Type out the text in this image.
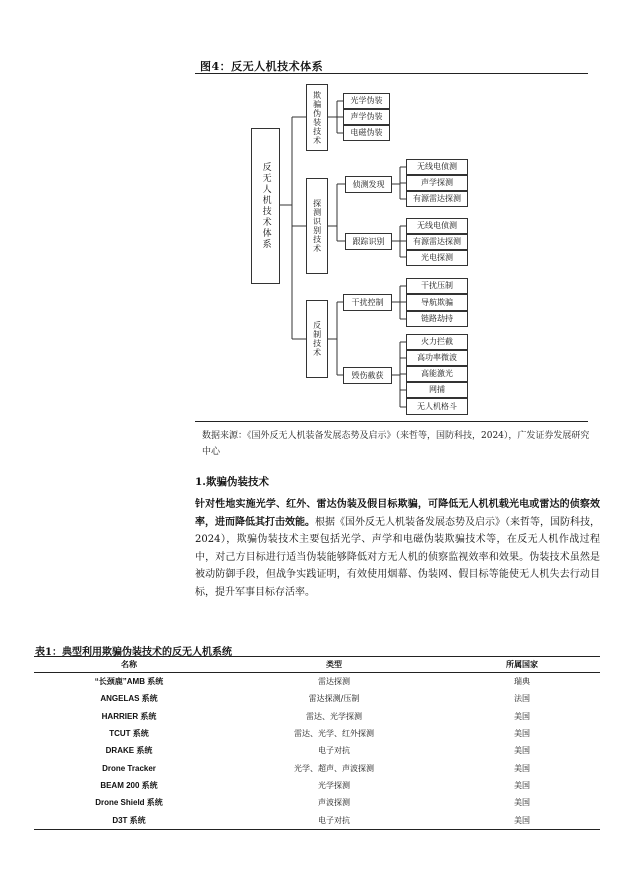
图4：反无人机技术体系
反无人机技术体系
欺骗伪装技术
探测识别技术
反制技术
光学伪装
声学伪装
电磁伪装
侦测发现
跟踪识别
无线电侦测
声学探测
有源雷达探测
无线电侦测
有源雷达探测
光电探测
干扰控制
毁伤截获
干扰压制
导航欺骗
链路劫持
火力拦截
高功率微波
高能激光
网捕
无人机格斗
数据来源：《国外反无人机装备发展态势及启示》（来哲等，国防科技，2024），广发证券发展研究中心
1.欺骗伪装技术
针对性地实施光学、红外、雷达伪装及假目标欺骗，可降低无人机机载光电或雷达的侦察效率，进而降低其打击效能。根据《国外反无人机装备发展态势及启示》（来哲等，国防科技，2024），欺骗伪装技术主要包括光学、声学和电磁伪装欺骗技术等，在反无人机作战过程中，对己方目标进行适当伪装能够降低对方无人机的侦察监视效率和效果。伪装技术虽然是被动防御手段，但战争实践证明，有效使用烟幕、伪装网、假目标等能使无人机失去行动目标，提升军事目标存活率。
表1：典型利用欺骗伪装技术的反无人机系统
名称	类型	所属国家
“长颈鹿”AMB 系统	雷达探测	瑞典
ANGELAS 系统	雷达探测/压制	法国
HARRIER 系统	雷达、光学探测	美国
TCUT 系统	雷达、光学、红外探测	美国
DRAKE 系统	电子对抗	美国
Drone Tracker	光学、超声、声波探测	美国
BEAM 200 系统	光学探测	美国
Drone Shield 系统	声波探测	美国
D3T 系统	电子对抗	美国
